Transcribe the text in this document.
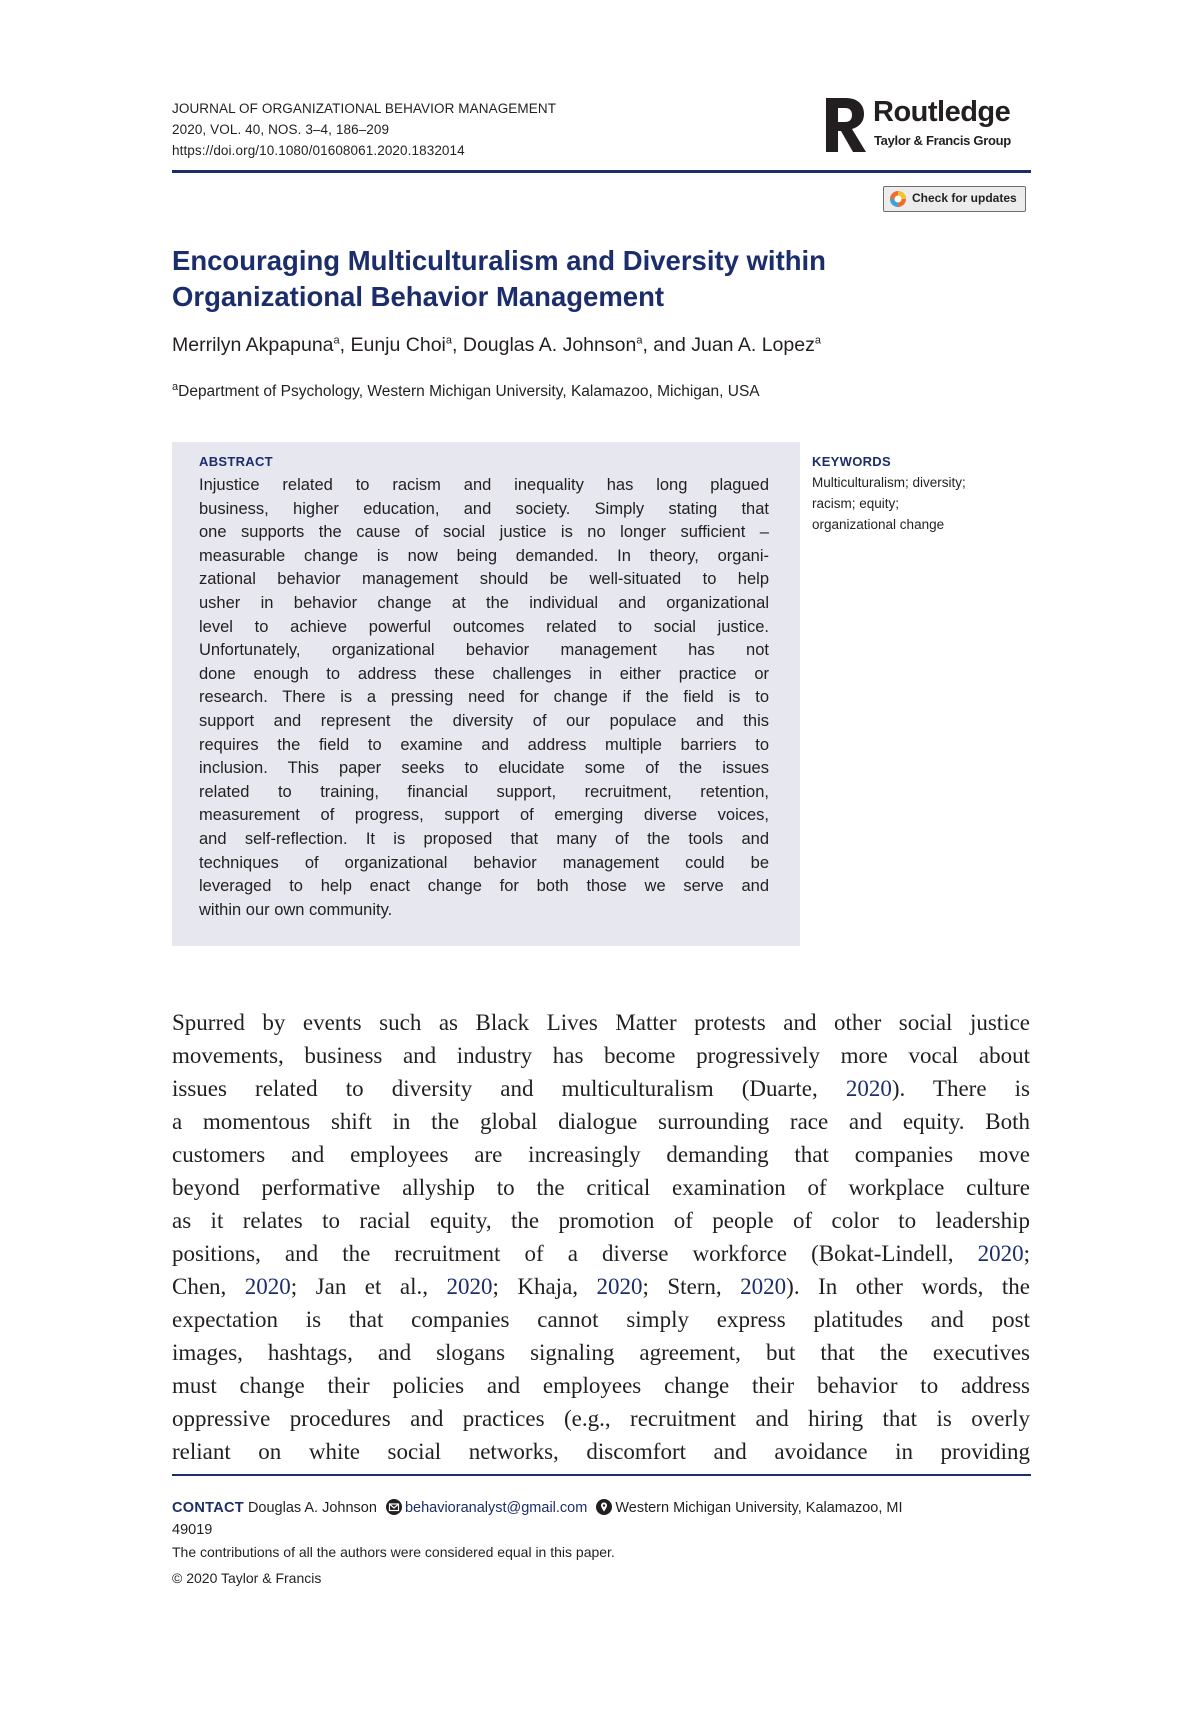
JOURNAL OF ORGANIZATIONAL BEHAVIOR MANAGEMENT
2020, VOL. 40, NOS. 3–4, 186–209
https://doi.org/10.1080/01608061.2020.1832014
Routledge
Taylor & Francis Group
Check for updates
Encouraging Multiculturalism and Diversity within
Organizational Behavior Management
Merrilyn Akpapuna$^a$, Eunju Choi$^a$, Douglas A. Johnson$^a$, and Juan A. Lopez$^a$
$^a$Department of Psychology, Western Michigan University, Kalamazoo, Michigan, USA
ABSTRACT
Injustice related to racism and inequality has long plagued
business, higher education, and society. Simply stating that
one supports the cause of social justice is no longer sufficient –
measurable change is now being demanded. In theory, organi-
zational behavior management should be well-situated to help
usher in behavior change at the individual and organizational
level to achieve powerful outcomes related to social justice.
Unfortunately, organizational behavior management has not
done enough to address these challenges in either practice or
research. There is a pressing need for change if the field is to
support and represent the diversity of our populace and this
requires the field to examine and address multiple barriers to
inclusion. This paper seeks to elucidate some of the issues
related to training, financial support, recruitment, retention,
measurement of progress, support of emerging diverse voices,
and self-reflection. It is proposed that many of the tools and
techniques of organizational behavior management could be
leveraged to help enact change for both those we serve and
within our own community.
KEYWORDS
Multiculturalism; diversity;
racism; equity;
organizational change
Spurred by events such as Black Lives Matter protests and other social justice
movements, business and industry has become progressively more vocal about
issues related to diversity and multiculturalism (Duarte, 2020). There is
a momentous shift in the global dialogue surrounding race and equity. Both
customers and employees are increasingly demanding that companies move
beyond performative allyship to the critical examination of workplace culture
as it relates to racial equity, the promotion of people of color to leadership
positions, and the recruitment of a diverse workforce (Bokat-Lindell, 2020;
Chen, 2020; Jan et al., 2020; Khaja, 2020; Stern, 2020). In other words, the
expectation is that companies cannot simply express platitudes and post
images, hashtags, and slogans signaling agreement, but that the executives
must change their policies and employees change their behavior to address
oppressive procedures and practices (e.g., recruitment and hiring that is overly
reliant on white social networks, discomfort and avoidance in providing
CONTACT Douglas A. Johnson behavioranalyst@gmail.com Western Michigan University, Kalamazoo, MI
49019
The contributions of all the authors were considered equal in this paper.
© 2020 Taylor & Francis
